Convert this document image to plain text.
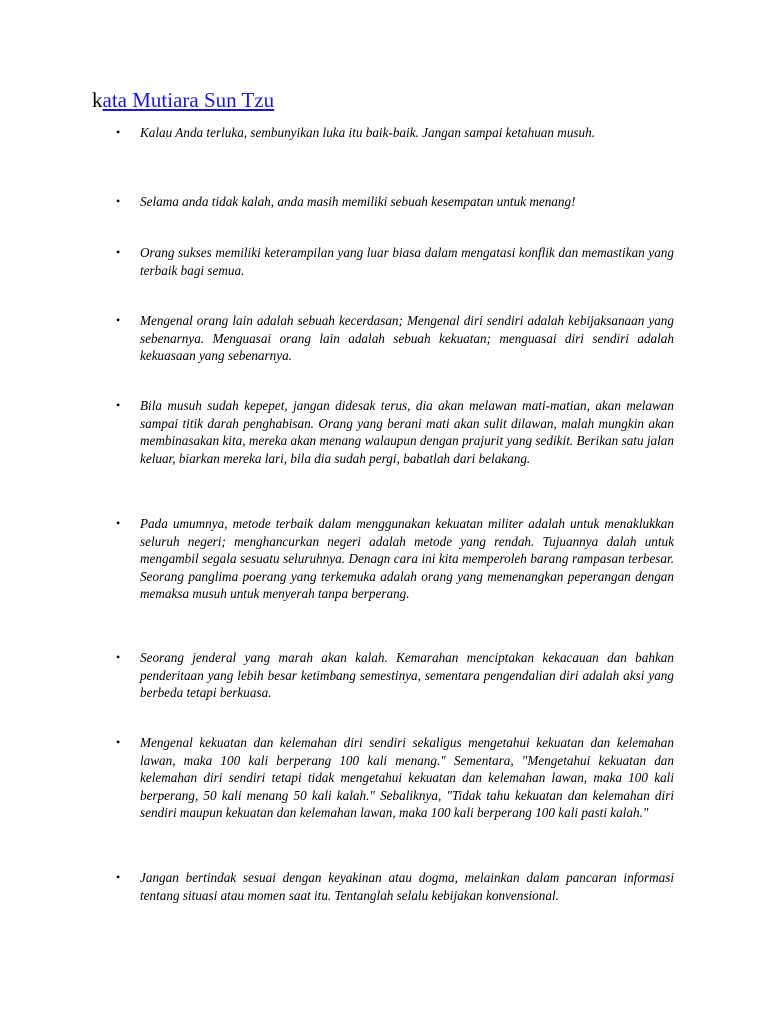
kata Mutiara Sun Tzu
• Kalau Anda terluka, sembunyikan luka itu baik-baik. Jangan sampai ketahuan musuh.
• Selama anda tidak kalah, anda masih memiliki sebuah kesempatan untuk menang!
• Orang sukses memiliki keterampilan yang luar biasa dalam mengatasi konflik dan memastikan yang terbaik bagi semua.
• Mengenal orang lain adalah sebuah kecerdasan; Mengenal diri sendiri adalah kebijaksanaan yang sebenarnya. Menguasai orang lain adalah sebuah kekuatan; menguasai diri sendiri adalah kekuasaan yang sebenarnya.
• Bila musuh sudah kepepet, jangan didesak terus, dia akan melawan mati-matian, akan melawan sampai titik darah penghabisan. Orang yang berani mati akan sulit dilawan, malah mungkin akan membinasakan kita, mereka akan menang walaupun dengan prajurit yang sedikit. Berikan satu jalan keluar, biarkan mereka lari, bila dia sudah pergi, babatlah dari belakang.
• Pada umumnya, metode terbaik dalam menggunakan kekuatan militer adalah untuk menaklukkan seluruh negeri; menghancurkan negeri adalah metode yang rendah. Tujuannya dalah untuk mengambil segala sesuatu seluruhnya. Denagn cara ini kita memperoleh barang rampasan terbesar. Seorang panglima poerang yang terkemuka adalah orang yang memenangkan peperangan dengan memaksa musuh untuk menyerah tanpa berperang.
• Seorang jenderal yang marah akan kalah. Kemarahan menciptakan kekacauan dan bahkan penderitaan yang lebih besar ketimbang semestinya, sementara pengendalian diri adalah aksi yang berbeda tetapi berkuasa.
• Mengenal kekuatan dan kelemahan diri sendiri sekaligus mengetahui kekuatan dan kelemahan lawan, maka 100 kali berperang 100 kali menang." Sementara, "Mengetahui kekuatan dan kelemahan diri sendiri tetapi tidak mengetahui kekuatan dan kelemahan lawan, maka 100 kali berperang, 50 kali menang 50 kali kalah." Sebaliknya, "Tidak tahu kekuatan dan kelemahan diri sendiri maupun kekuatan dan kelemahan lawan, maka 100 kali berperang 100 kali pasti kalah."
• Jangan bertindak sesuai dengan keyakinan atau dogma, melainkan dalam pancaran informasi tentang situasi atau momen saat itu. Tentanglah selalu kebijakan konvensional.
